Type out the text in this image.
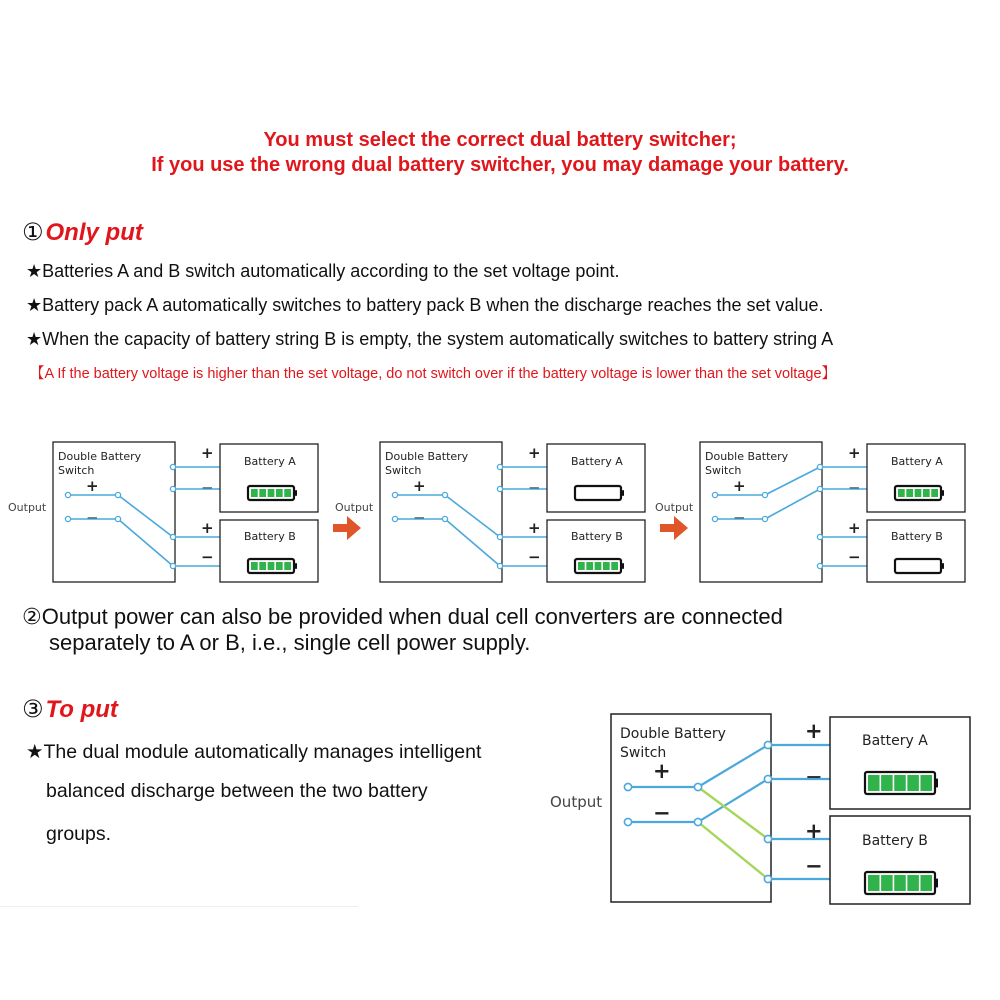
You must select the correct dual battery switcher;
If you use the wrong dual battery switcher, you may damage your battery.
①Only put
★Batteries A and B switch automatically according to the set voltage point.
★Battery pack A automatically switches to battery pack B when the discharge reaches the set value.
★When the capacity of battery string B is empty, the system automatically switches to battery string A
【A If the battery voltage is higher than the set voltage, do not switch over if the battery voltage is lower than the set voltage】
Double Battery
Switch
Output
+
−
+
−
+
−
Battery A
Battery B
Double Battery
Switch
Output
+
−
+
−
+
−
Battery A
Battery B
Double Battery
Switch
Output
+
−
+
−
+
−
Battery A
Battery B
②Output power can also be provided when dual cell converters are connected
separately to A or B, i.e., single cell power supply.
③To put
★The dual module automatically manages intelligent
balanced discharge between the two battery
groups.
Double Battery
Switch
Output
+
−
+
−
+
−
Battery A
Battery B
